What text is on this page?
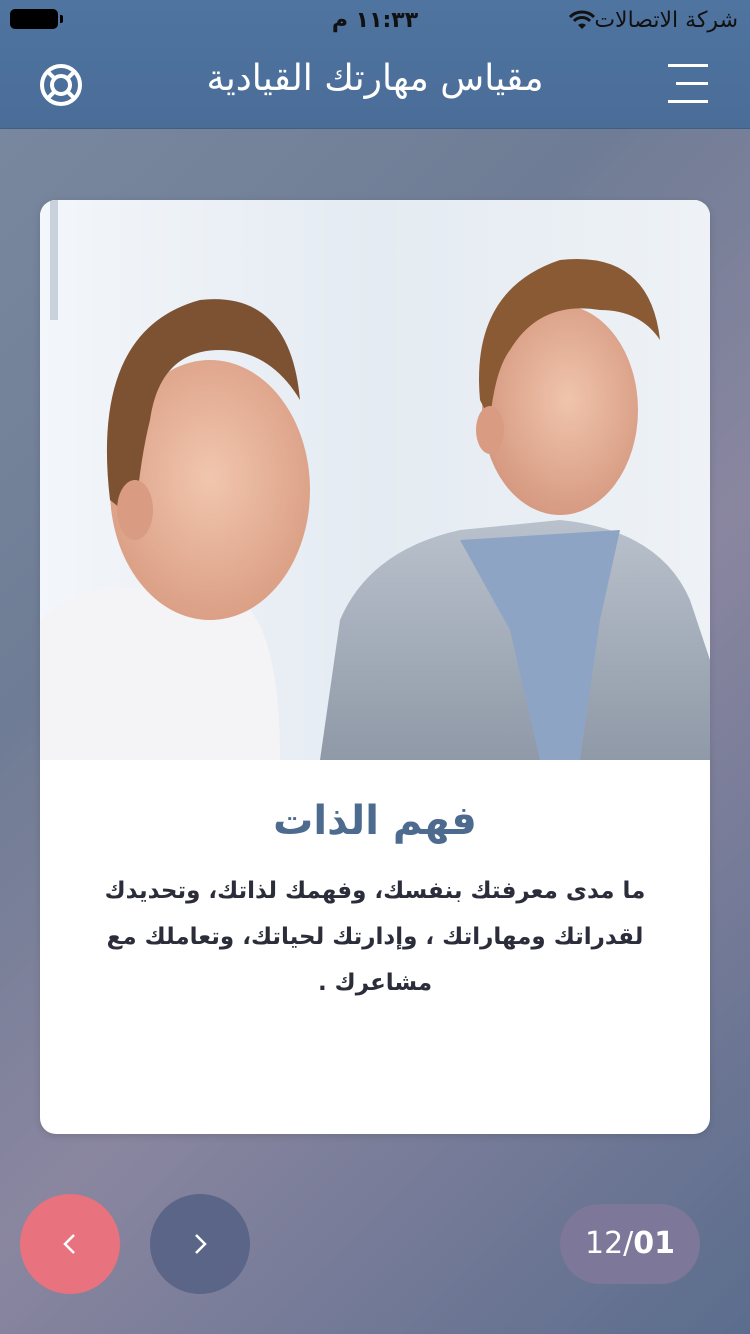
١١:٣٣ م	شركة الاتصالات
مقياس مهارتك القيادية
فهم الذات
ما مدى معرفتك بنفسك، وفهمك لذاتك، وتحديدك لقدراتك ومهاراتك ، وإدارتك لحياتك، وتعاملك مع مشاعرك .
12/01
